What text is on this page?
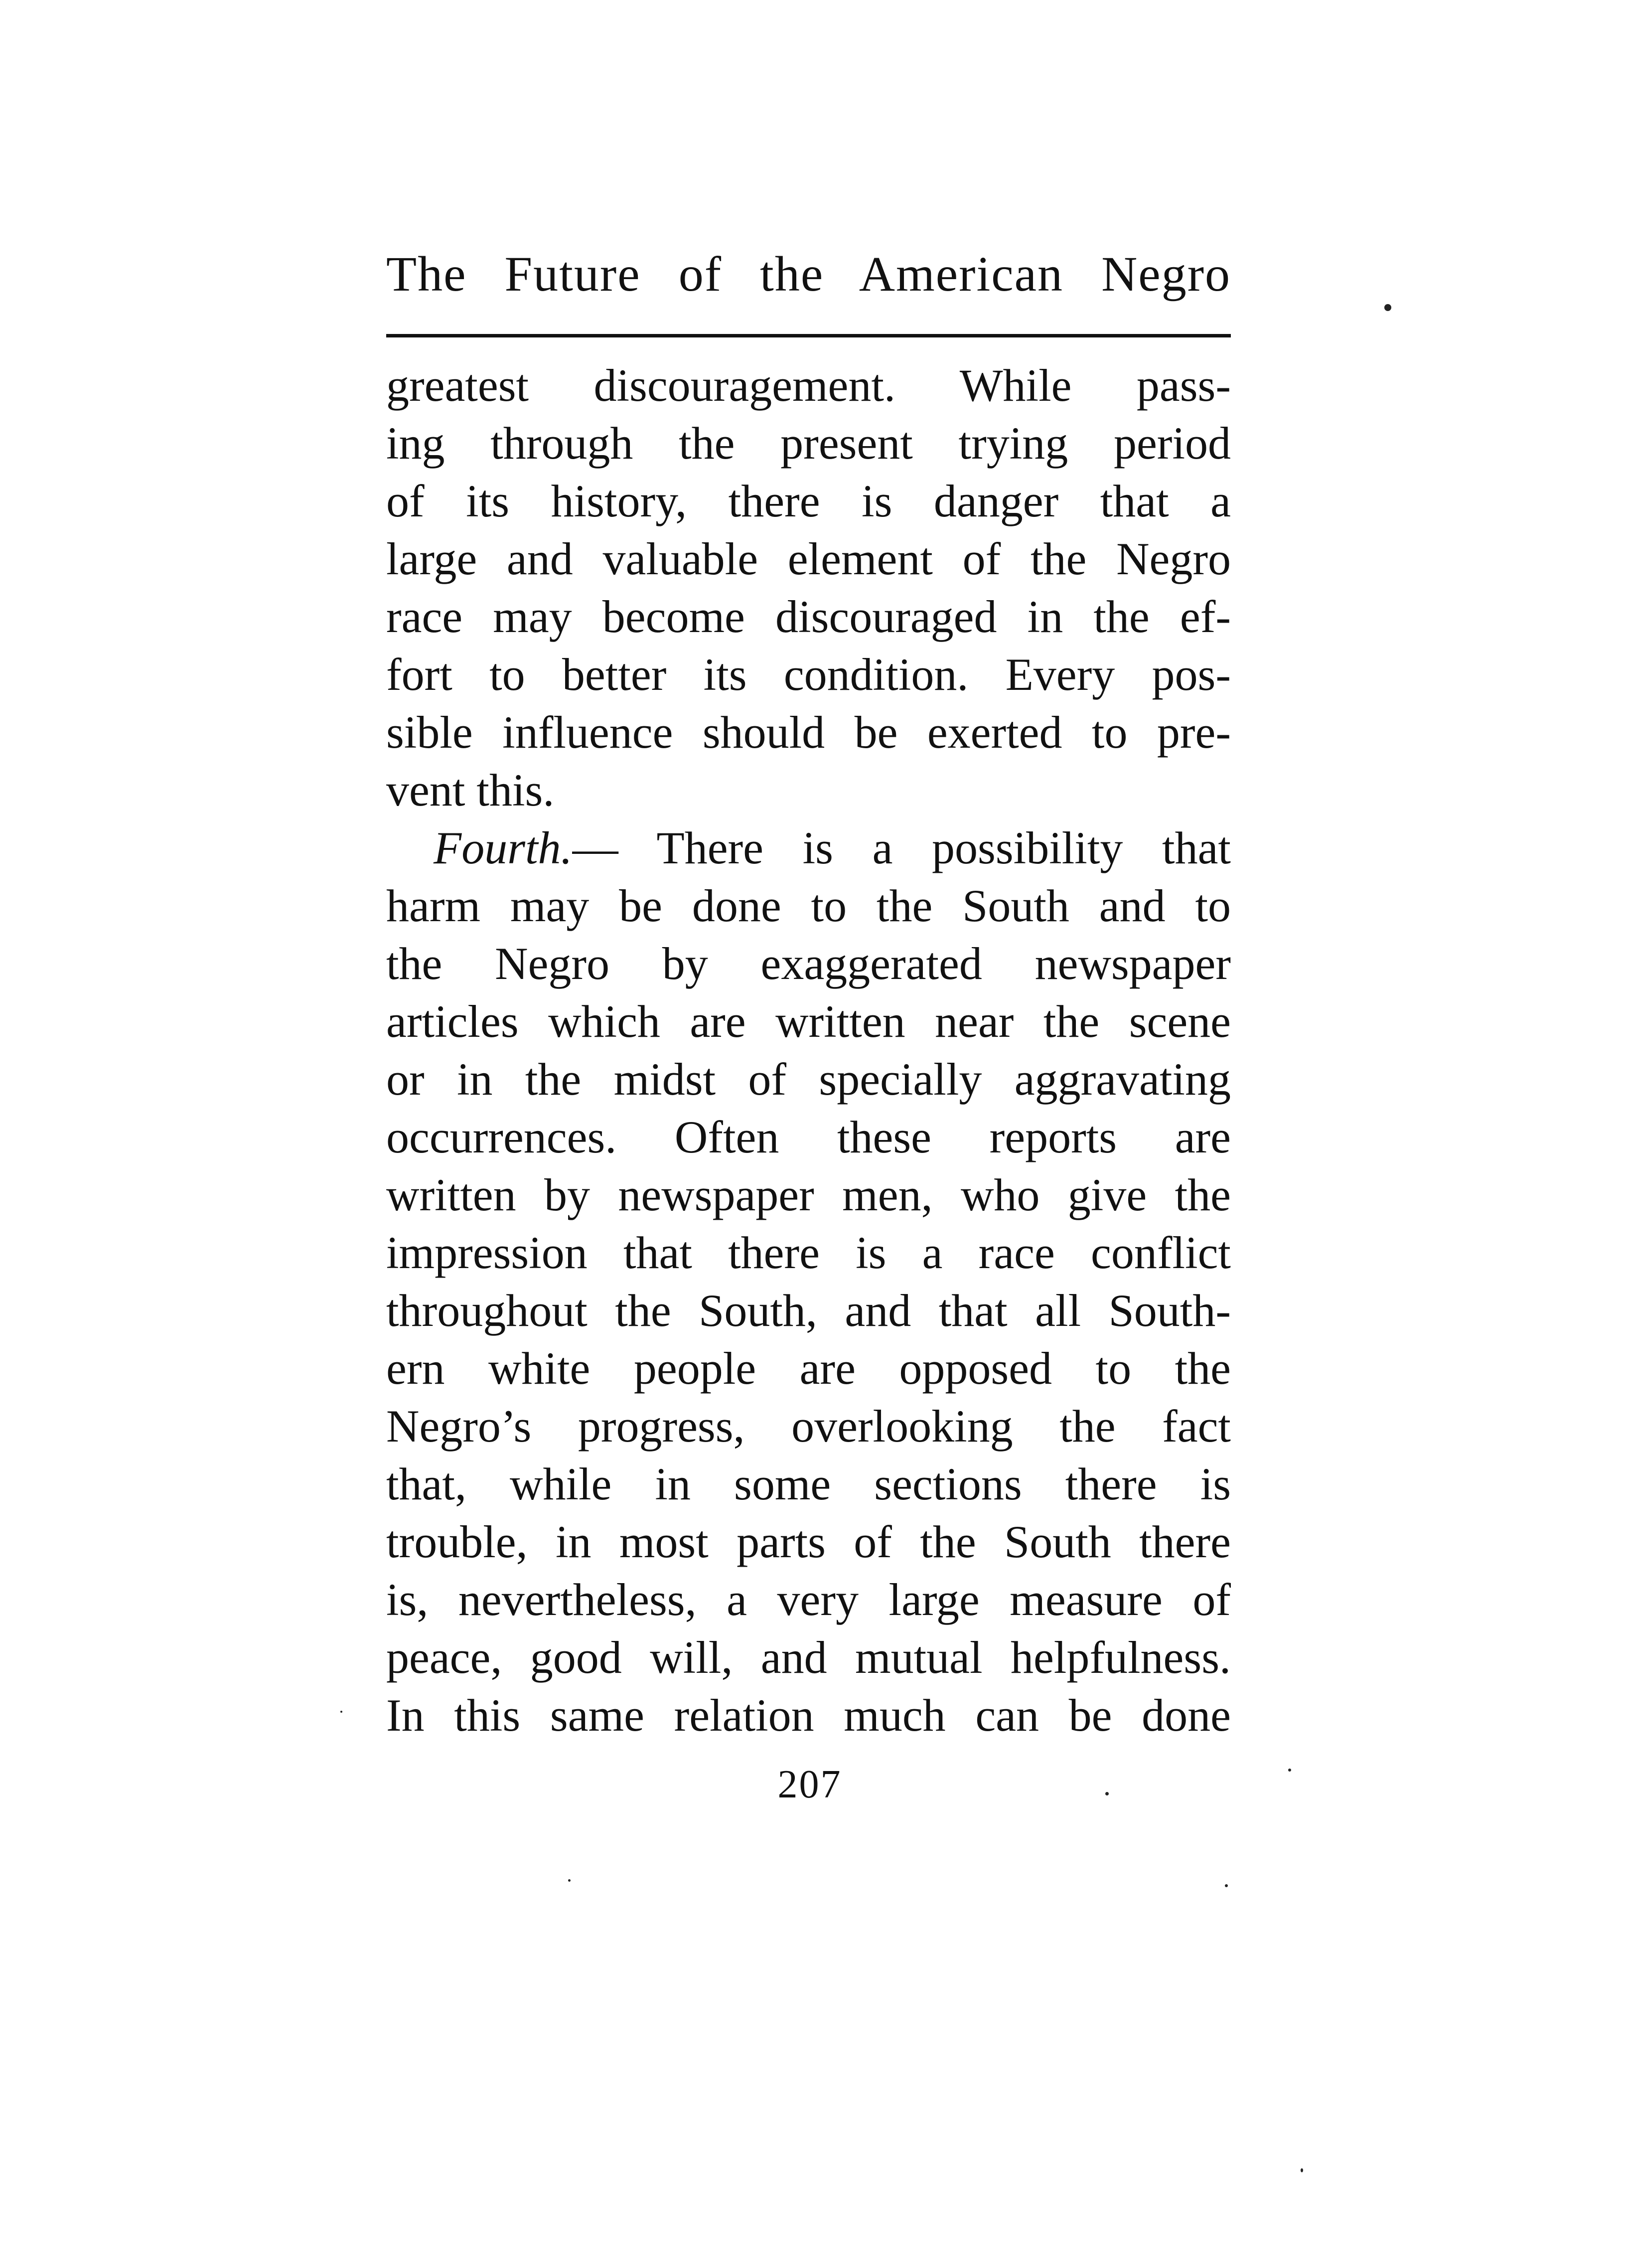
The Future of the American Negro
greatest discouragement. While pass-
ing through the present trying period
of its history, there is danger that a
large and valuable element of the Negro
race may become discouraged in the ef-
fort to better its condition. Every pos-
sible influence should be exerted to pre-
vent this.
Fourth.— There is a possibility that
harm may be done to the South and to
the Negro by exaggerated newspaper
articles which are written near the scene
or in the midst of specially aggravating
occurrences. Often these reports are
written by newspaper men, who give the
impression that there is a race conflict
throughout the South, and that all South-
ern white people are opposed to the
Negro’s progress, overlooking the fact
that, while in some sections there is
trouble, in most parts of the South there
is, nevertheless, a very large measure of
peace, good will, and mutual helpfulness.
In this same relation much can be done
207
